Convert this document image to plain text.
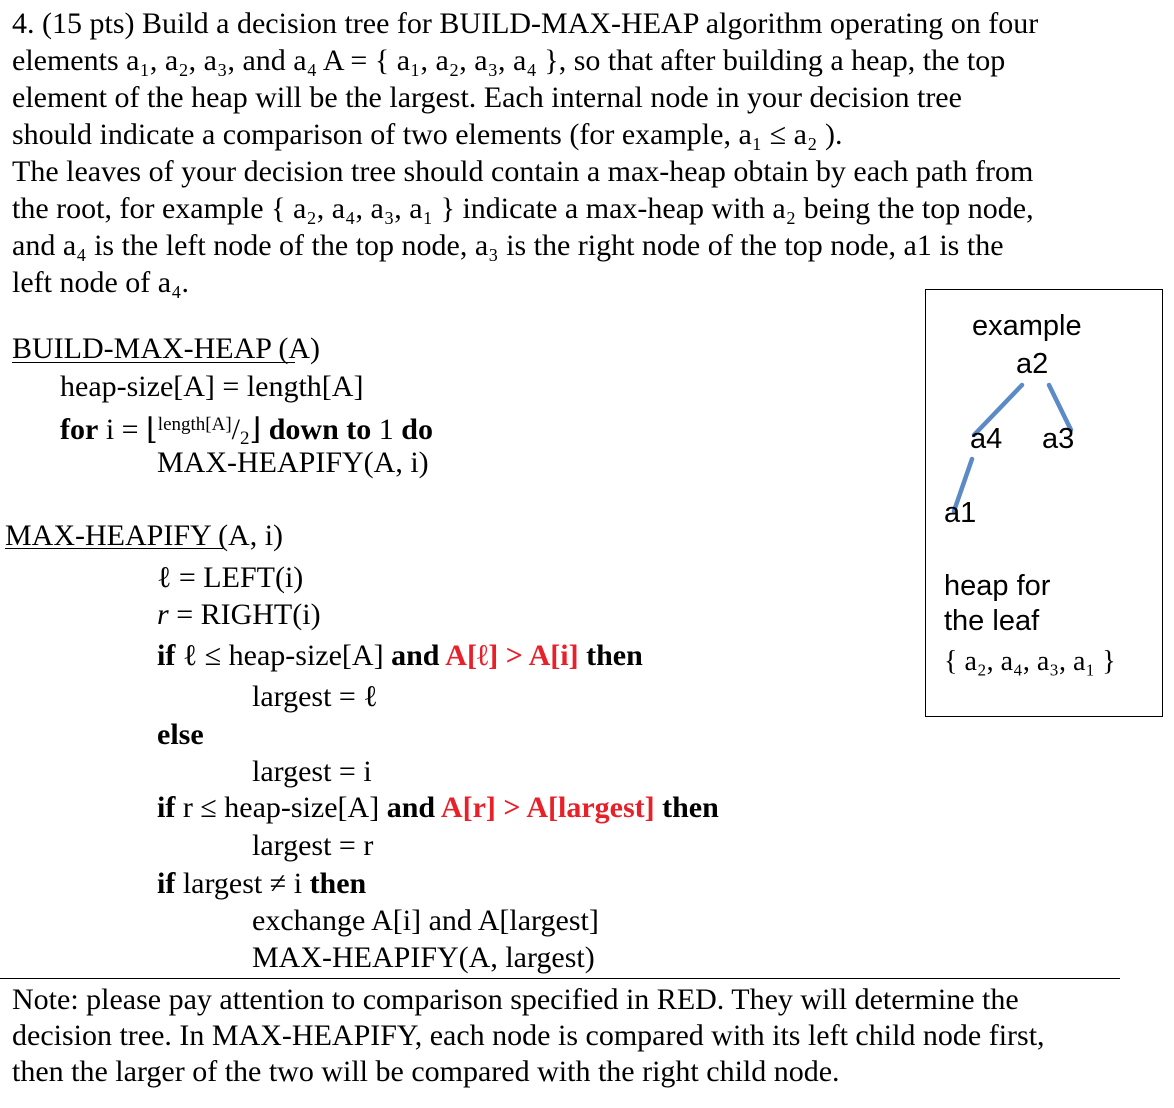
4. (15 pts) Build a decision tree for BUILD-MAX-HEAP algorithm operating on four
elements a₁, a₂, a₃, and a₄ A = { a₁, a₂, a₃, a₄ }, so that after building a heap, the top
element of the heap will be the largest. Each internal node in your decision tree
should indicate a comparison of two elements (for example, a₁ ≤ a₂ ).
The leaves of your decision tree should contain a max-heap obtain by each path from
the root, for example { a₂, a₄, a₃, a₁ } indicate a max-heap with a₂ being the top node,
and a₄ is the left node of the top node, a₃ is the right node of the top node, a1 is the
left node of a₄.
BUILD-MAX-HEAP (A)
heap-size[A] = length[A]
for i = ⌊$^{length[A]}$/2⌋ down to 1 do
MAX-HEAPIFY(A, i)
MAX-HEAPIFY (A, i)
ℓ = LEFT(i)
r = RIGHT(i)
if ℓ ≤ heap-size[A] and A[ℓ] > A[i] then
largest = ℓ
else
largest = i
if r ≤ heap-size[A] and A[r] > A[largest] then
largest = r
if largest ≠ i then
exchange A[i] and A[largest]
MAX-HEAPIFY(A, largest)
example
a2
a4 a3
a1
heap for
the leaf
{ a₂, a₄, a₃, a₁ }
Note: please pay attention to comparison specified in RED. They will determine the
decision tree. In MAX-HEAPIFY, each node is compared with its left child node first,
then the larger of the two will be compared with the right child node.
